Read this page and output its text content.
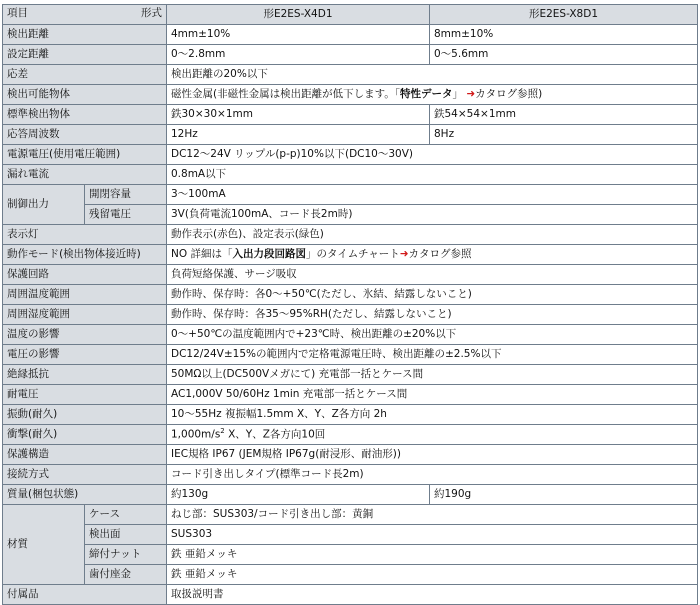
項目 形式		形E2ES-X4D1	形E2ES-X8D1
検出距離		4mm±10%	8mm±10%
設定距離		0〜2.8mm	0〜5.6mm
応差		検出距離の20%以下	
検出可能物体		磁性金属(非磁性金属は検出距離が低下します。「特性データ」 ➜カタログ参照)	
標準検出物体		鉄30×30×1mm	鉄54×54×1mm
応答周波数		12Hz	8Hz
電源電圧(使用電圧範囲)		DC12〜24V リップル(p-p)10%以下(DC10〜30V)	
漏れ電流		0.8mA以下	
制御出力	開閉容量	3〜100mA	
	残留電圧	3V(負荷電流100mA、コード長2m時)	
表示灯		動作表示(赤色)、設定表示(緑色)	
動作モード(検出物体接近時)		NO 詳細は「入出力段回路図」のタイムチャート➜カタログ参照	
保護回路		負荷短絡保護、サージ吸収	
周囲温度範囲		動作時、保存時：各0〜+50℃(ただし、氷結、結露しないこと)	
周囲湿度範囲		動作時、保存時：各35〜95%RH(ただし、結露しないこと)	
温度の影響		0〜+50℃の温度範囲内で+23℃時、検出距離の±20%以下	
電圧の影響		DC12/24V±15%の範囲内で定格電源電圧時、検出距離の±2.5%以下	
絶縁抵抗		50MΩ以上(DC500Vメガにて) 充電部一括とケース間	
耐電圧		AC1,000V 50/60Hz 1min 充電部一括とケース間	
振動(耐久)		10〜55Hz 複振幅1.5mm X、Y、Z各方向 2h	
衝撃(耐久)		$1,000m/s^2$ X、Y、Z各方向10回	
保護構造		IEC規格 IP67 (JEM規格 IP67g(耐浸形、耐油形))	
接続方式		コード引き出しタイプ(標準コード長2m)	
質量(梱包状態)		約130g	約190g
材質	ケース	ねじ部：SUS303/コード引き出し部：黄銅	
	検出面	SUS303	
	締付ナット	鉄 亜鉛メッキ	
	歯付座金	鉄 亜鉛メッキ	
付属品		取扱説明書	
